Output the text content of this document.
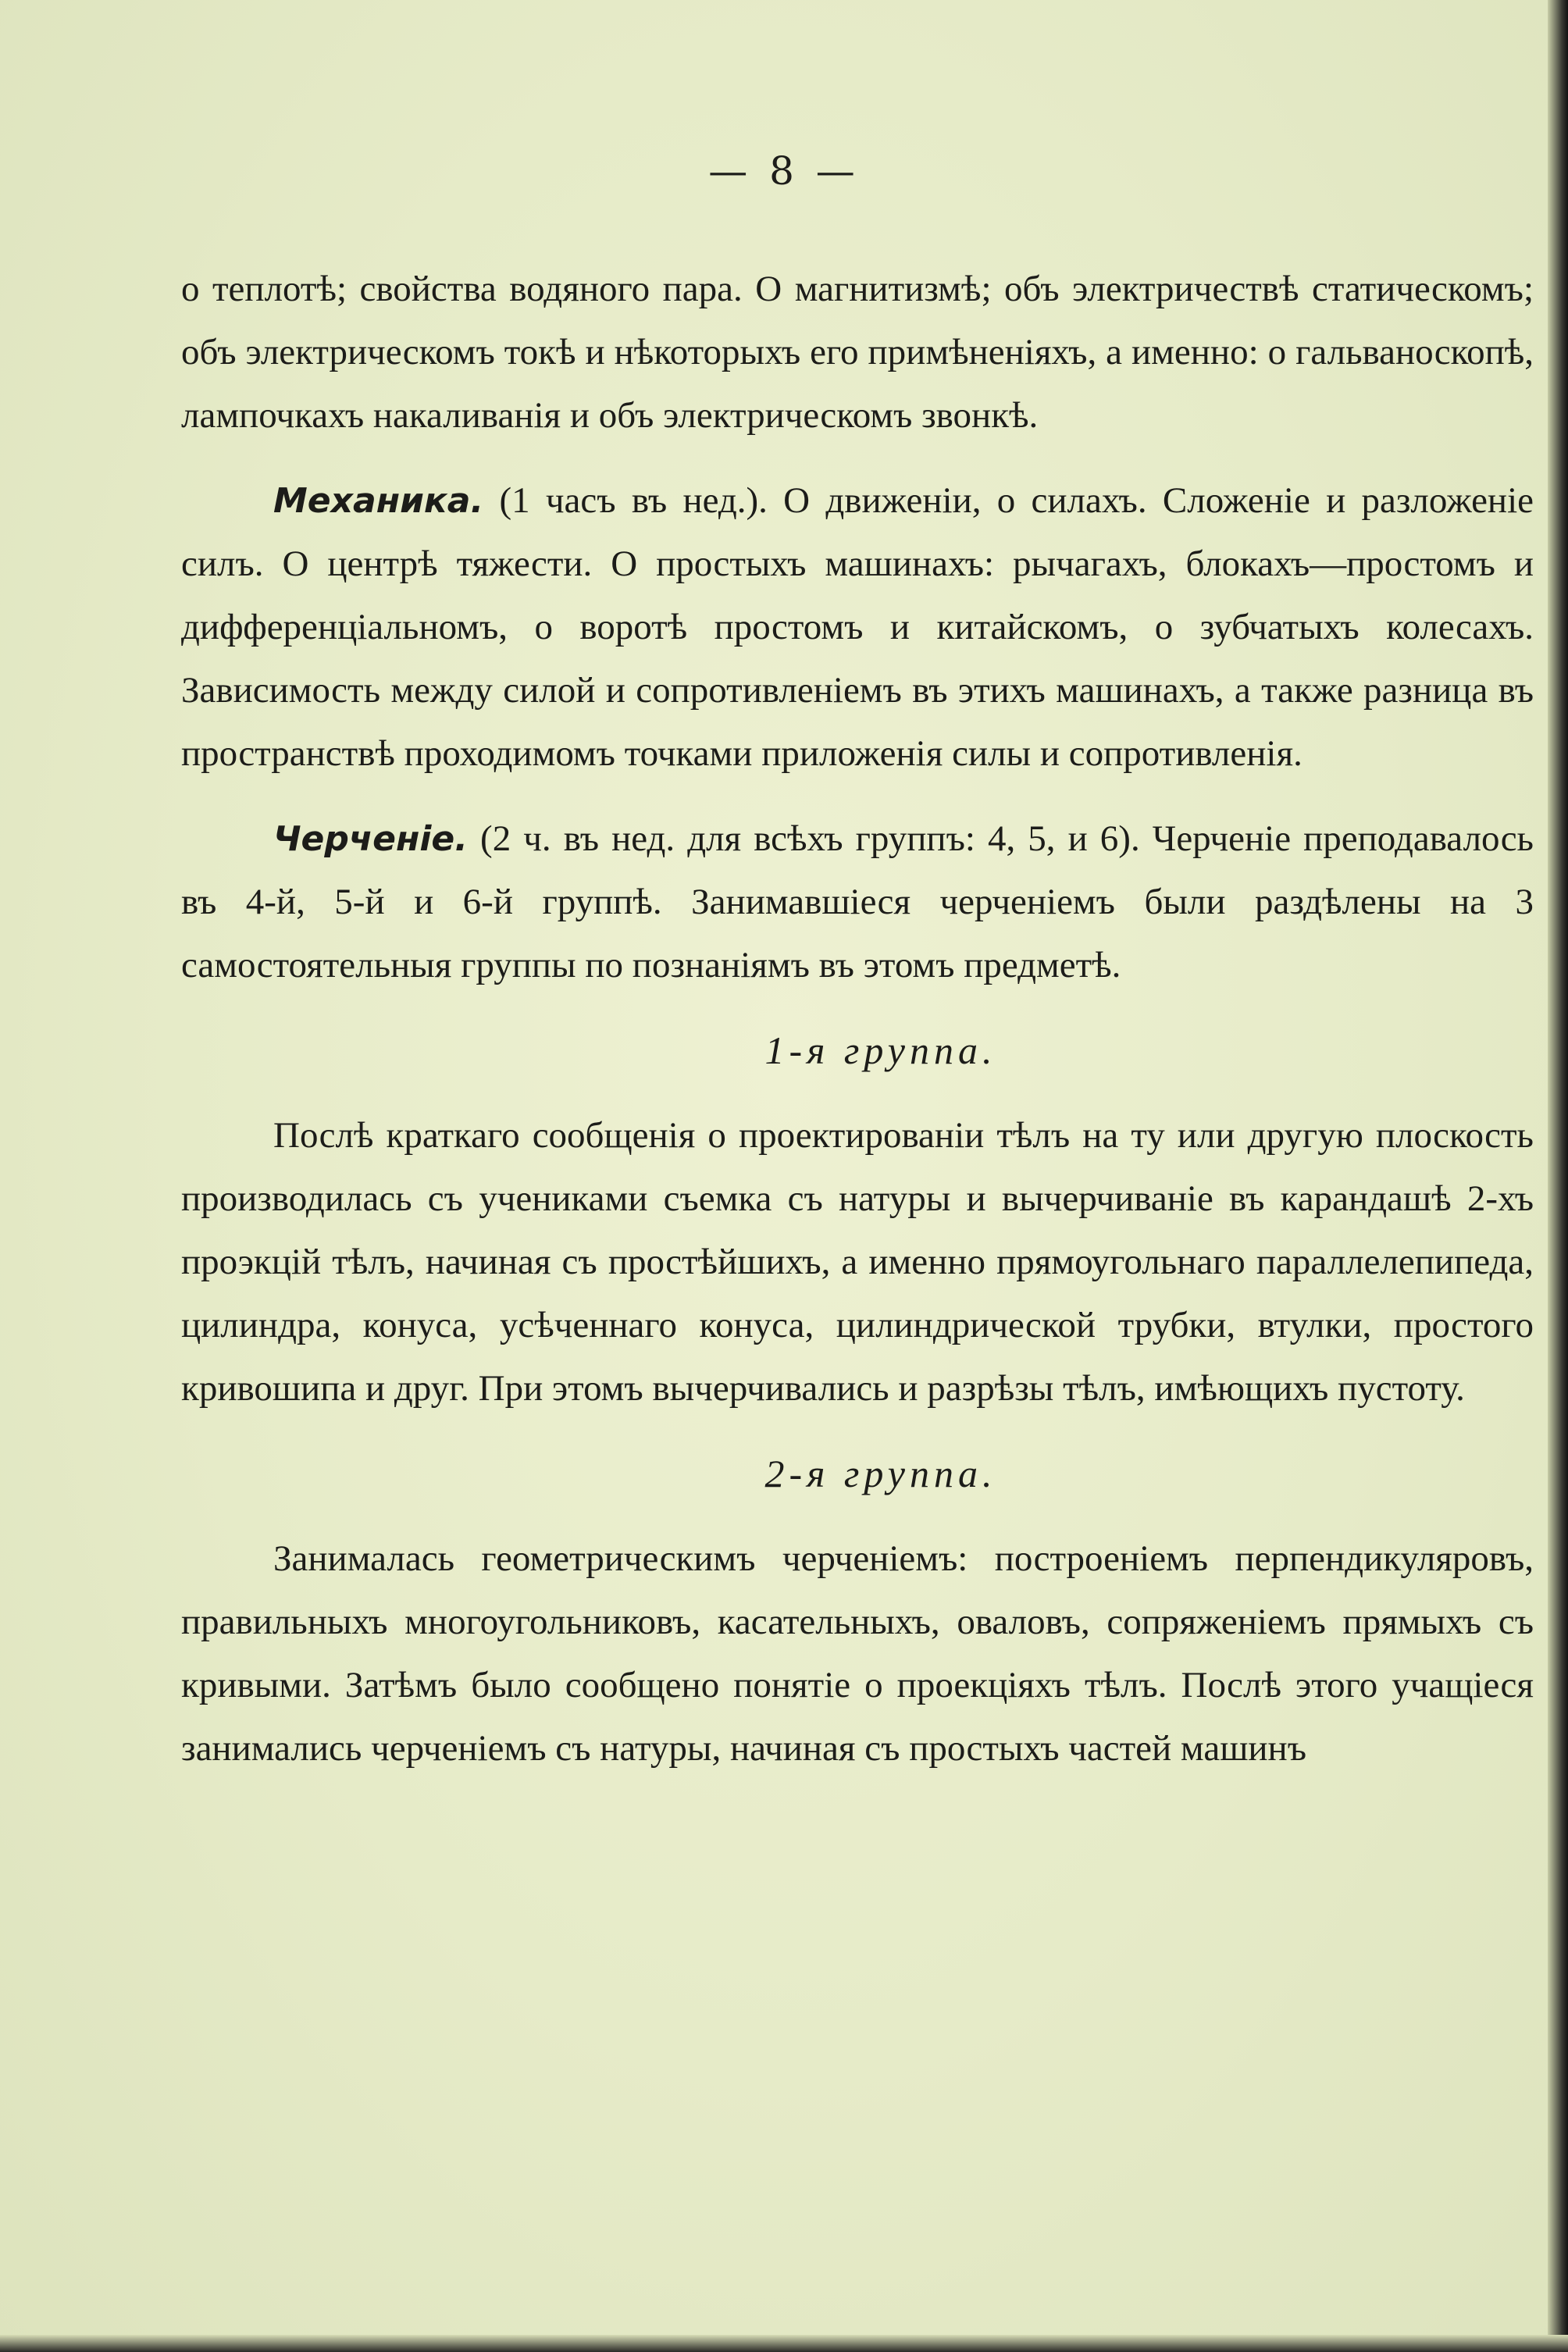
— 8 —

о теплотѣ; свойства водяного пара. О магнитизмѣ; объ электричествѣ статическомъ; объ электрическомъ токѣ и нѣкоторыхъ его примѣненіяхъ, а именно: о гальваноскопѣ, лампочкахъ накаливанія и объ электрическомъ звонкѣ.

Механика. (1 часъ въ нед.). О движеніи, о силахъ. Сложеніе и разложеніе силъ. О центрѣ тяжести. О простыхъ машинахъ: рычагахъ, блокахъ—простомъ и дифференціальномъ, о воротѣ простомъ и китайскомъ, о зубчатыхъ колесахъ. Зависимость между силой и сопротивленіемъ въ этихъ машинахъ, а также разница въ пространствѣ проходимомъ точками приложенія силы и сопротивленія.

Черченіе. (2 ч. въ нед. для всѣхъ группъ: 4, 5, и 6). Черченіе преподавалось въ 4-й, 5-й и 6-й группѣ. Занимавшіеся черченіемъ были раздѣлены на 3 самостоятельныя группы по познаніямъ въ этомъ предметѣ.

1-я группа.

Послѣ краткаго сообщенія о проектированіи тѣлъ на ту или другую плоскость производилась съ учениками съемка съ натуры и вычерчиваніе въ карандашѣ 2-хъ проэкцій тѣлъ, начиная съ простѣйшихъ, а именно прямоугольнаго параллелепипеда, цилиндра, конуса, усѣченнаго конуса, цилиндрической трубки, втулки, простого кривошипа и друг. При этомъ вычерчивались и разрѣзы тѣлъ, имѣющихъ пустоту.

2-я группа.

Занималась геометрическимъ черченіемъ: построеніемъ перпендикуляровъ, правильныхъ многоугольниковъ, касательныхъ, оваловъ, сопряженіемъ прямыхъ съ кривыми. Затѣмъ было сообщено понятіе о проекціяхъ тѣлъ. Послѣ этого учащіеся занимались черченіемъ съ натуры, начиная съ простыхъ частей машинъ
